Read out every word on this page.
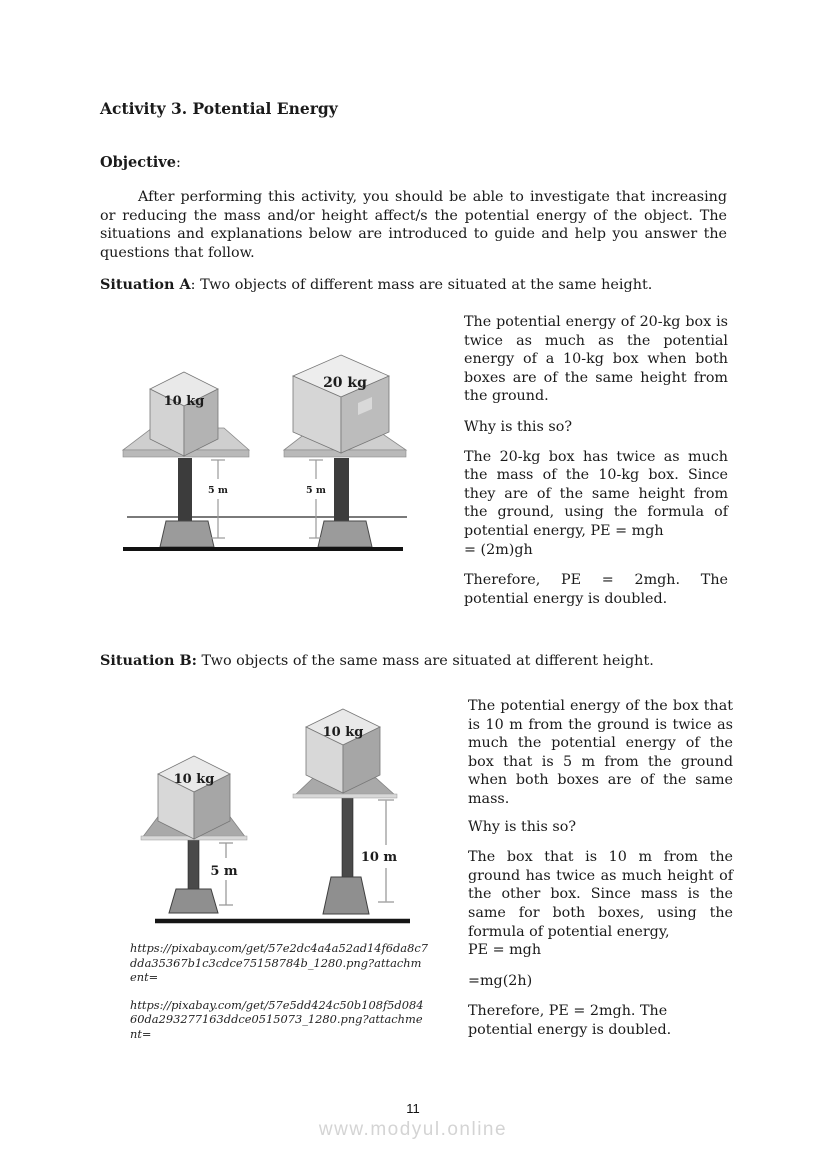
Activity 3. Potential Energy
Objective:
After performing this activity, you should be able to investigate that increasing or reducing the mass and/or height affect/s the potential energy of the object. The situations and explanations below are introduced to guide and help you answer the questions that follow.
Situation A: Two objects of different mass are situated at the same height.
10 kg
5 m
20 kg
5 m

The potential energy of 20-kg box is twice as much as the potential energy of a 10-kg box when both boxes are of the same height from the ground.

Why is this so?

The 20-kg box has twice as much the mass of the 10-kg box. Since they are of the same height from the ground, using the formula of potential energy, PE = mgh

= (2m)gh

Therefore, PE = 2mgh. The potential energy is doubled.

Situation B: Two objects of the same mass are situated at different height.
10 kg
5 m
10 kg
10 m

The potential energy of the box that is 10 m from the ground is twice as much the potential energy of the box that is 5 m from the ground when both boxes are of the same mass.

Why is this so?

The box that is 10 m from the ground has twice as much height of the other box. Since mass is the same for both boxes, using the formula of potential energy,

PE = mgh

=mg(2h)

Therefore, PE = 2mgh. The potential energy is doubled.

https://pixabay.com/get/57e2dc4a4a52ad14f6da8c7dda35367b1c3cdce75158784b_1280.png?attachment=

https://pixabay.com/get/57e5dd424c50b108f5d08460da293277163ddce0515073_1280.png?attachment=

11
www.modyul.online
